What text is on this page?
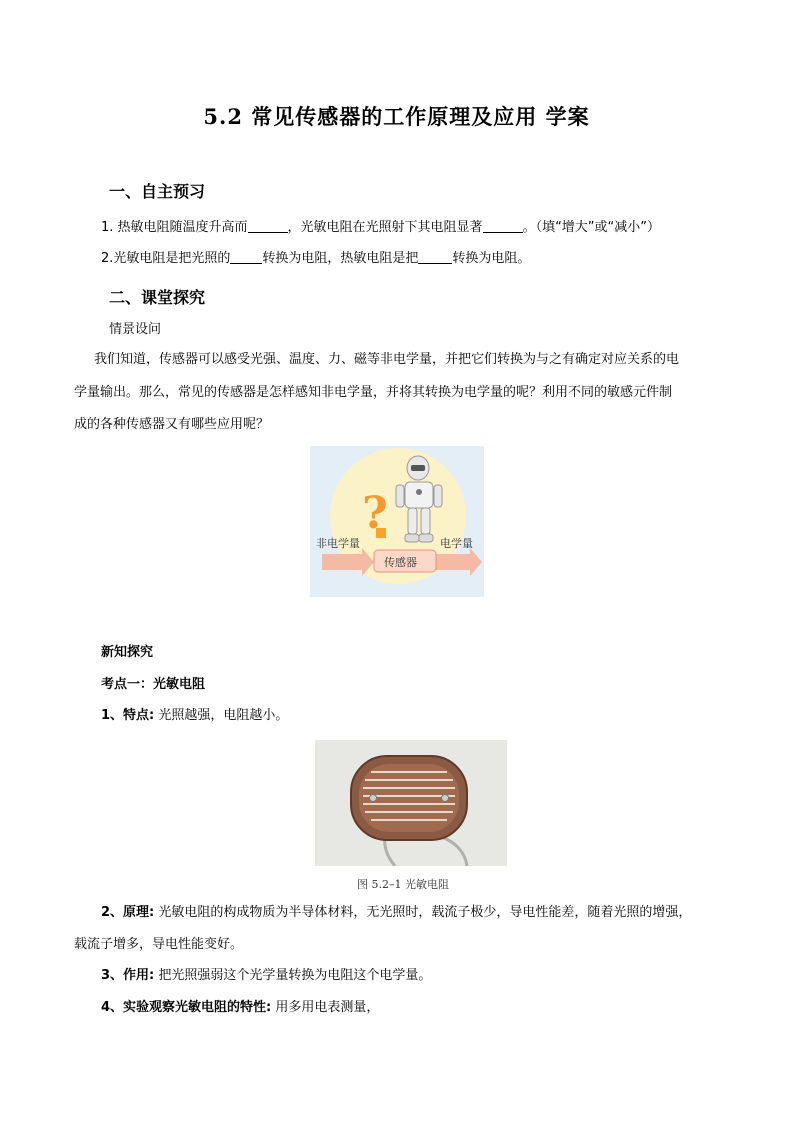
5.2 常见传感器的工作原理及应用 学案
一、自主预习
1. 热敏电阻随温度升高而	，光敏电阻在光照射下其电阻显著	。（填“增大”或“减小”）
2.光敏电阻是把光照的 转换为电阻，热敏电阻是把	转换为电阻。
二、课堂探究
情景设问
我们知道，传感器可以感受光强、温度、力、磁等非电学量，并把它们转换为与之有确定对应关系的电
学量输出。那么，常见的传感器是怎样感知非电学量，并将其转换为电学量的呢？利用不同的敏感元件制
成的各种传感器又有哪些应用呢？
?
非电学量
传感器
电学量
新知探究
考点一：光敏电阻
1、特点: 光照越强，电阻越小。
图 5.2–1 光敏电阻
2、原理: 光敏电阻的构成物质为半导体材料，无光照时，载流子极少，导电性能差，随着光照的增强，
载流子增多，导电性能变好。
3、作用: 把光照强弱这个光学量转换为电阻这个电学量。
4、实验观察光敏电阻的特性: 用多用电表测量，
